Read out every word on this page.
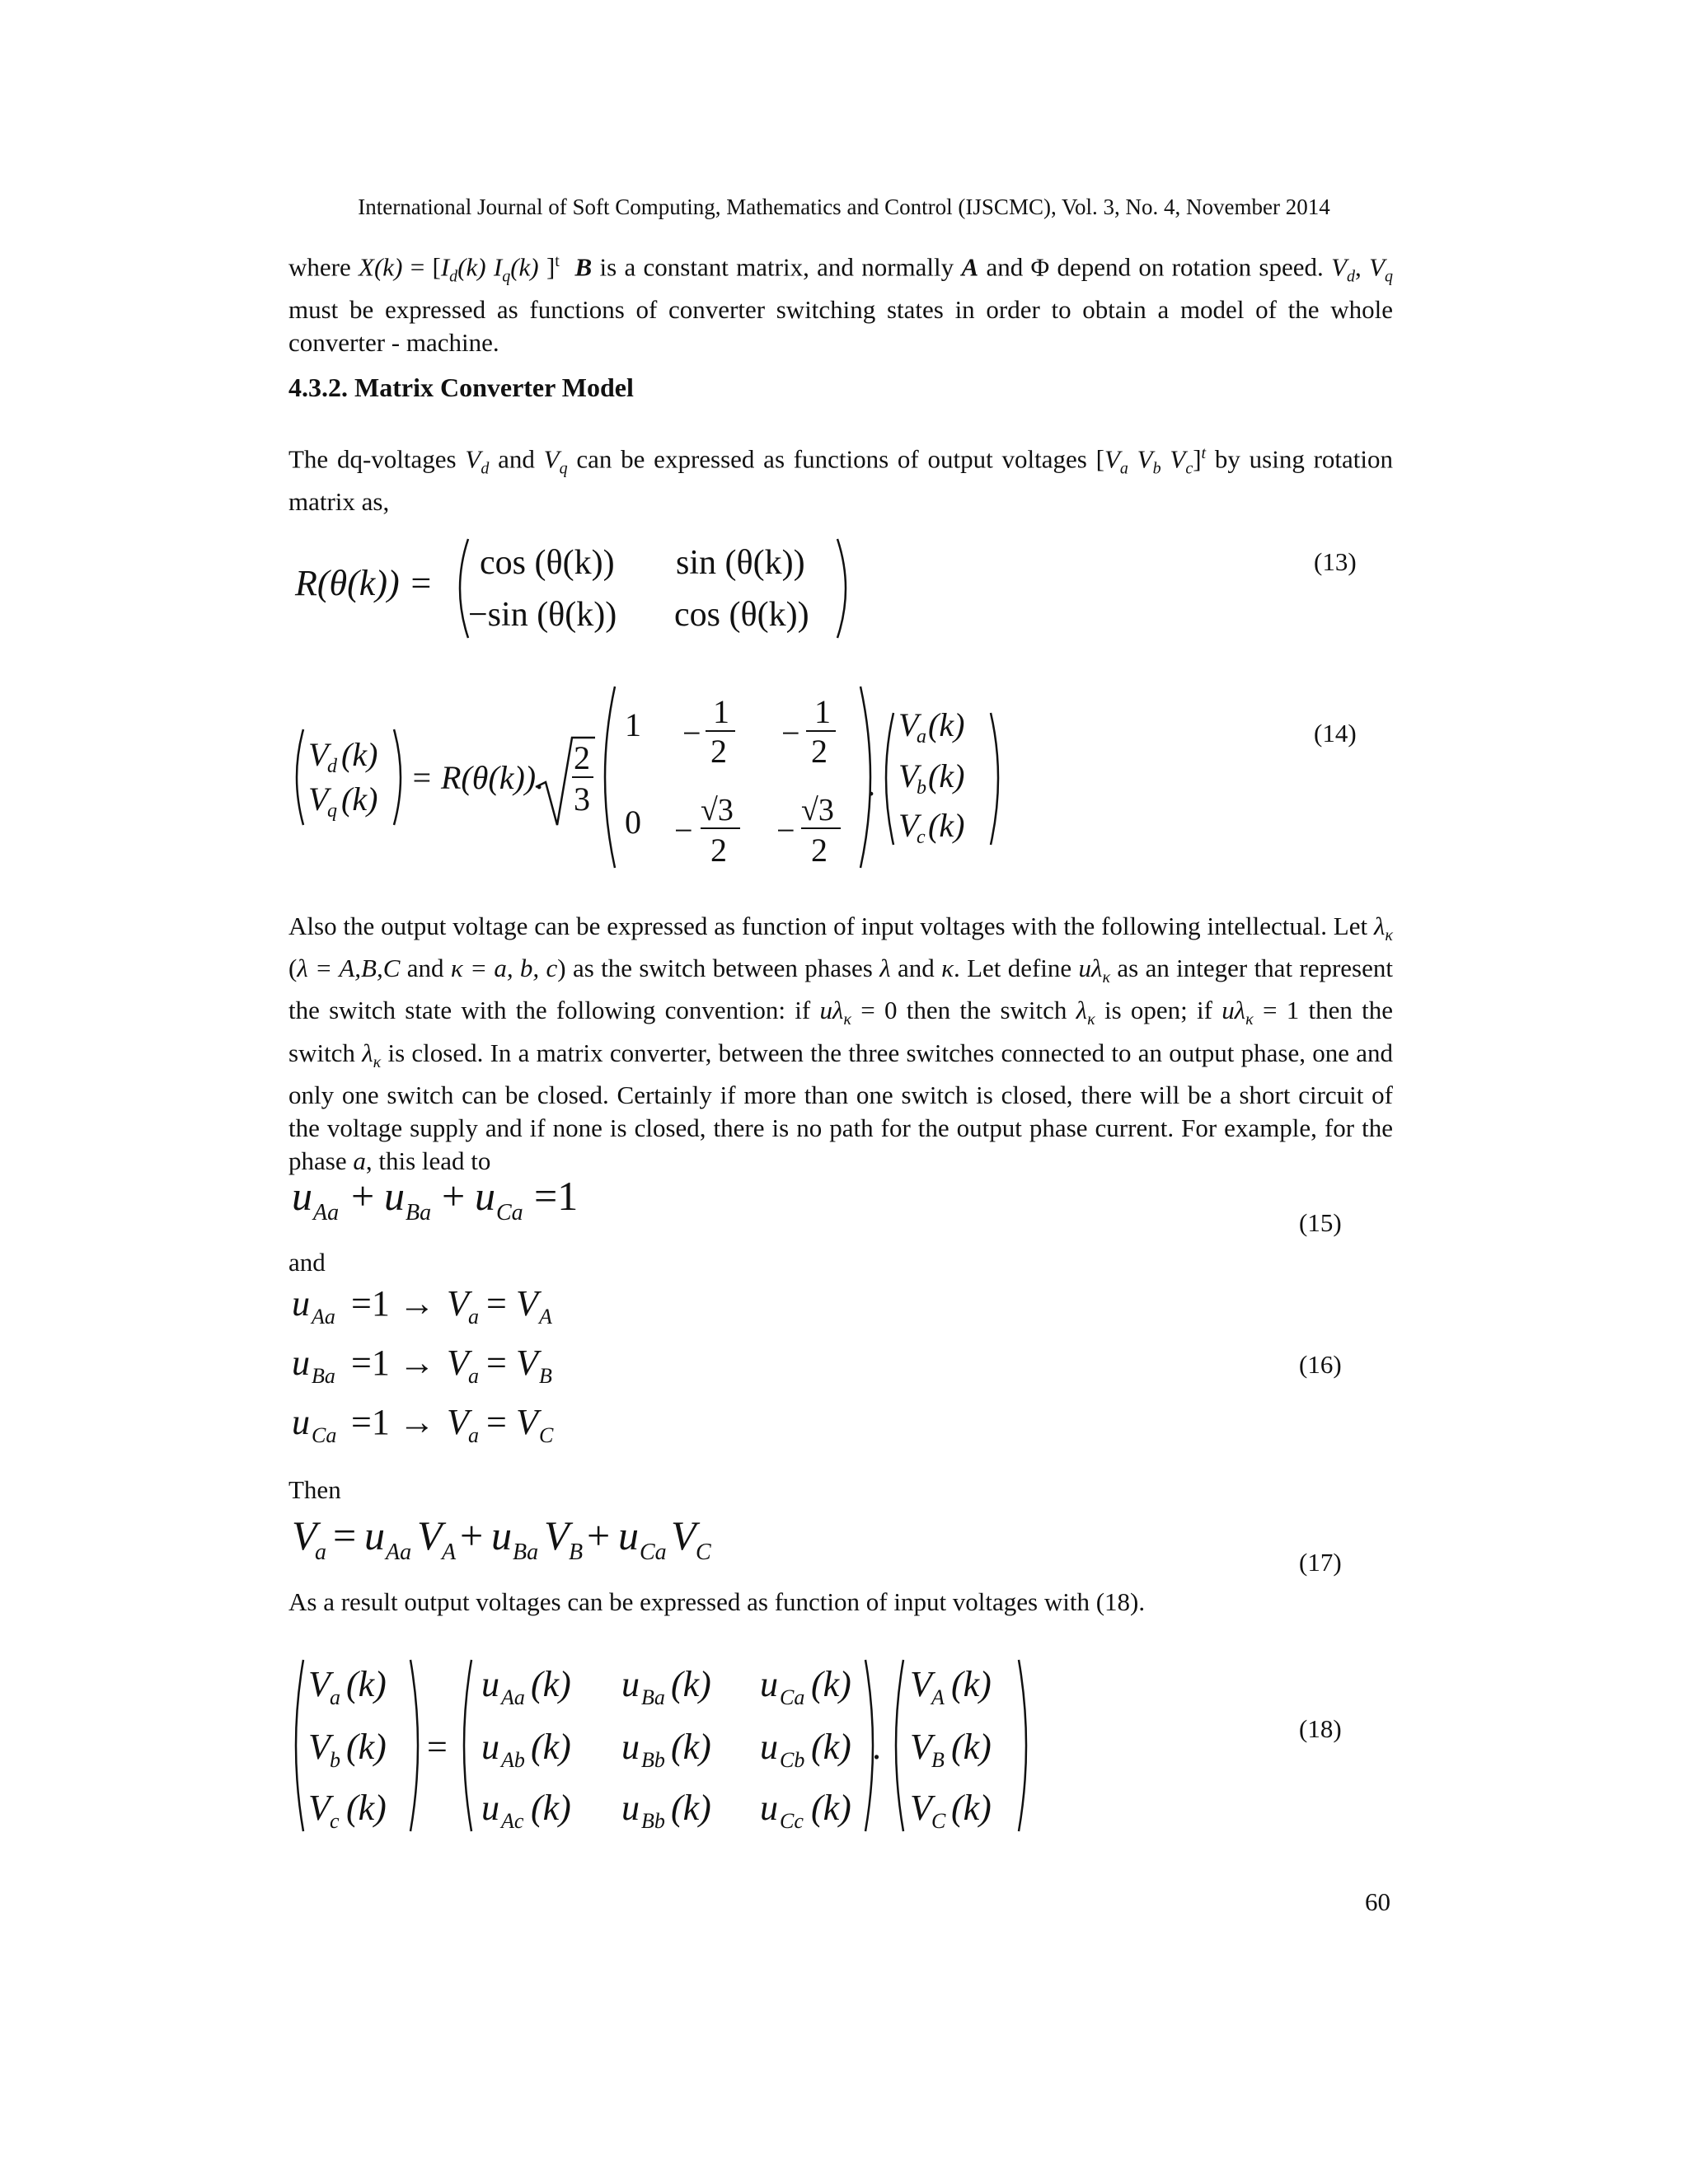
International Journal of Soft Computing, Mathematics and Control (IJSCMC), Vol. 3, No. 4, November 2014
where $X(k) = [I_d(k)$ $I_q(k)$ ]$^t$ B is a constant matrix, and normally A and Φ depend on rotation speed. $V_d$, $V_q$ must be expressed as functions of converter switching states in order to obtain a model of the whole converter - machine.
4.3.2. Matrix Converter Model
The dq-voltages $V_d$ and $V_q$ can be expressed as functions of output voltages [$V_a$ $V_b$ $V_c]^t$ by using rotation matrix as,
R(θ(k)) = cos (θ(k)) sin (θ(k))
−sin (θ(k)) cos (θ(k))
(13)
V
d (k)
V
q (k)
= R(θ(k)).
2
3
1 −
1
2 −
1
2
0 −
√3
2
−
√3
2
.
V
a (k)
V
b (k)
V
c (k)
(14)
Also the output voltage can be expressed as function of input voltages with the following intellectual. Let $\lambda_\kappa$ (λ = A,B,C and κ = a, b, c) as the switch between phases λ and κ. Let define $u\lambda_\kappa$ as an integer that represent the switch state with the following convention: if $u\lambda_\kappa = 0$ then the switch $\lambda_\kappa$ is open; if $u\lambda_\kappa = 1$ then the switch $\lambda_\kappa$ is closed. In a matrix converter, between the three switches connected to an output phase, one and only one switch can be closed. Certainly if more than one switch is closed, there will be a short circuit of the voltage supply and if none is closed, there is no path for the output phase current. For example, for the phase a, this lead to
u Aa + u Ba + u Ca =1
(15)
and
u Aa =1 → V a = V A
u Ba =1 → V a = V B
u Ca =1 → V a = V C
(16)
Then
V
a = u Aa V A + u Ba V B + u Ca V C	(17)
As a result output voltages can be expressed as function of input voltages with (18).
V a (k)
V b (k)
V c (k)
=
u Aa (k) u Ba (k) u Ca (k)
u Ab (k) u Bb (k) u Cb (k)
u Ac (k) u Bb (k) u Cc (k)
.
V A (k)
V B (k)
V C (k)
(18)
60
